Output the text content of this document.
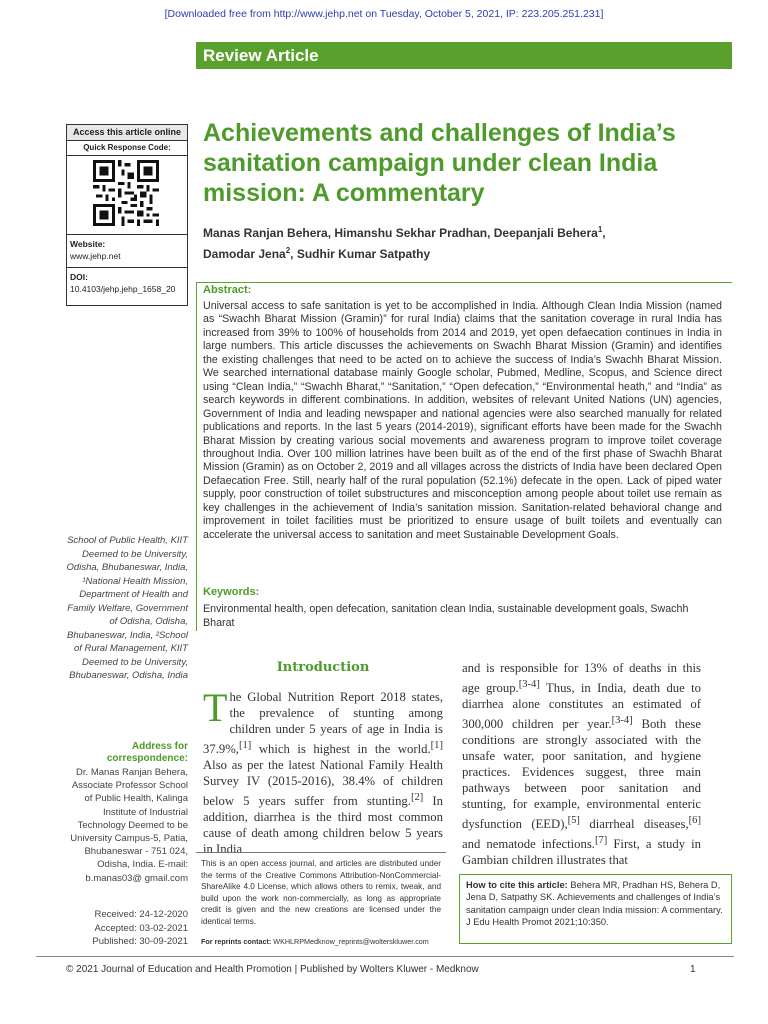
[Downloaded free from http://www.jehp.net on Tuesday, October 5, 2021, IP: 223.205.251.231]
Review Article
Access this article online
Quick Response Code:
Website:
www.jehp.net
DOI:
10.4103/jehp.jehp_1658_20
Achievements and challenges of India’s sanitation campaign under clean India mission: A commentary
Manas Ranjan Behera, Himanshu Sekhar Pradhan, Deepanjali Behera$^1$,
Damodar Jena$^2$, Sudhir Kumar Satpathy
Abstract:
Universal access to safe sanitation is yet to be accomplished in India. Although Clean India Mission (named as “Swachh Bharat Mission (Gramin)” for rural India) claims that the sanitation coverage in rural India has increased from 39% to 100% of households from 2014 and 2019, yet open defaecation continues in India in large numbers. This article discusses the achievements on Swachh Bharat Mission (Gramin) and identifies the existing challenges that need to be acted on to achieve the success of India’s Swachh Bharat Mission. We searched international database mainly Google scholar, Pubmed, Medline, Scopus, and Science direct using “Clean India,” “Swachh Bharat,” “Sanitation,” “Open defecation,” “Environmental heath,” and “India” as search keywords in different combinations. In addition, websites of relevant United Nations (UN) agencies, Government of India and leading newspaper and national agencies were also searched manually for related publications and reports. In the last 5 years (2014-2019), significant efforts have been made for the Swachh Bharat Mission by creating various social movements and awareness program to improve toilet coverage throughout India. Over 100 million latrines have been built as of the end of the first phase of Swachh Bharat Mission (Gramin) as on October 2, 2019 and all villages across the districts of India have been declared Open Defaecation Free. Still, nearly half of the rural population (52.1%) defecate in the open. Lack of piped water supply, poor construction of toilet substructures and misconception among people about toilet use remain as key challenges in the achievement of India’s sanitation mission. Sanitation-related behavioral change and improvement in toilet facilities must be prioritized to ensure usage of built toilets and eventually can accelerate the universal access to sanitation and meet Sustainable Development Goals.
Keywords:
Environmental health, open defecation, sanitation clean India, sustainable development goals, Swachh Bharat
School of Public Health, KIIT Deemed to be University, Odisha, Bhubaneswar, India, ¹National Health Mission, Department of Health and Family Welfare, Government of Odisha, Odisha, Bhubaneswar, India, ²School of Rural Management, KIIT Deemed to be University, Bhubaneswar, Odisha, India
Address for correspondence:
Dr. Manas Ranjan Behera, Associate Professor School of Public Health, Kalinga Institute of Industrial Technology Deemed to be University Campus-5, Patia, Bhubaneswar - 751 024, Odisha, India. E-mail: b.manas03@ gmail.com
Received: 24-12-2020
Accepted: 03-02-2021
Published: 30-09-2021
Introduction

The Global Nutrition Report 2018 states, the prevalence of stunting among children under 5 years of age in India is 37.9%,[1] which is highest in the world.[1] Also as per the latest National Family Health Survey IV (2015-2016), 38.4% of children below 5 years suffer from stunting.[2] In addition, diarrhea is the third most common cause of death among children below 5 years in India

and is responsible for 13% of deaths in this age group.[3-4] Thus, in India, death due to diarrhea alone constitutes an estimated of 300,000 children per year.[3-4] Both these conditions are strongly associated with the unsafe water, poor sanitation, and hygiene practices. Evidences suggest, three main pathways between poor sanitation and stunting, for example, environmental enteric dysfunction (EED),[5] diarrheal diseases,[6] and nematode infections.[7] First, a study in Gambian children illustrates that

This is an open access journal, and articles are distributed under the terms of the Creative Commons Attribution-NonCommercial-ShareAlike 4.0 License, which allows others to remix, tweak, and build upon the work non-commercially, as long as appropriate credit is given and the new creations are licensed under the identical terms.
For reprints contact: WKHLRPMedknow_reprints@wolterskluwer.com
How to cite this article: Behera MR, Pradhan HS, Behera D, Jena D, Satpathy SK. Achievements and challenges of India’s sanitation campaign under clean India mission: A commentary. J Edu Health Promot 2021;10:350.
© 2021 Journal of Education and Health Promotion | Published by Wolters Kluwer - Medknow	1
